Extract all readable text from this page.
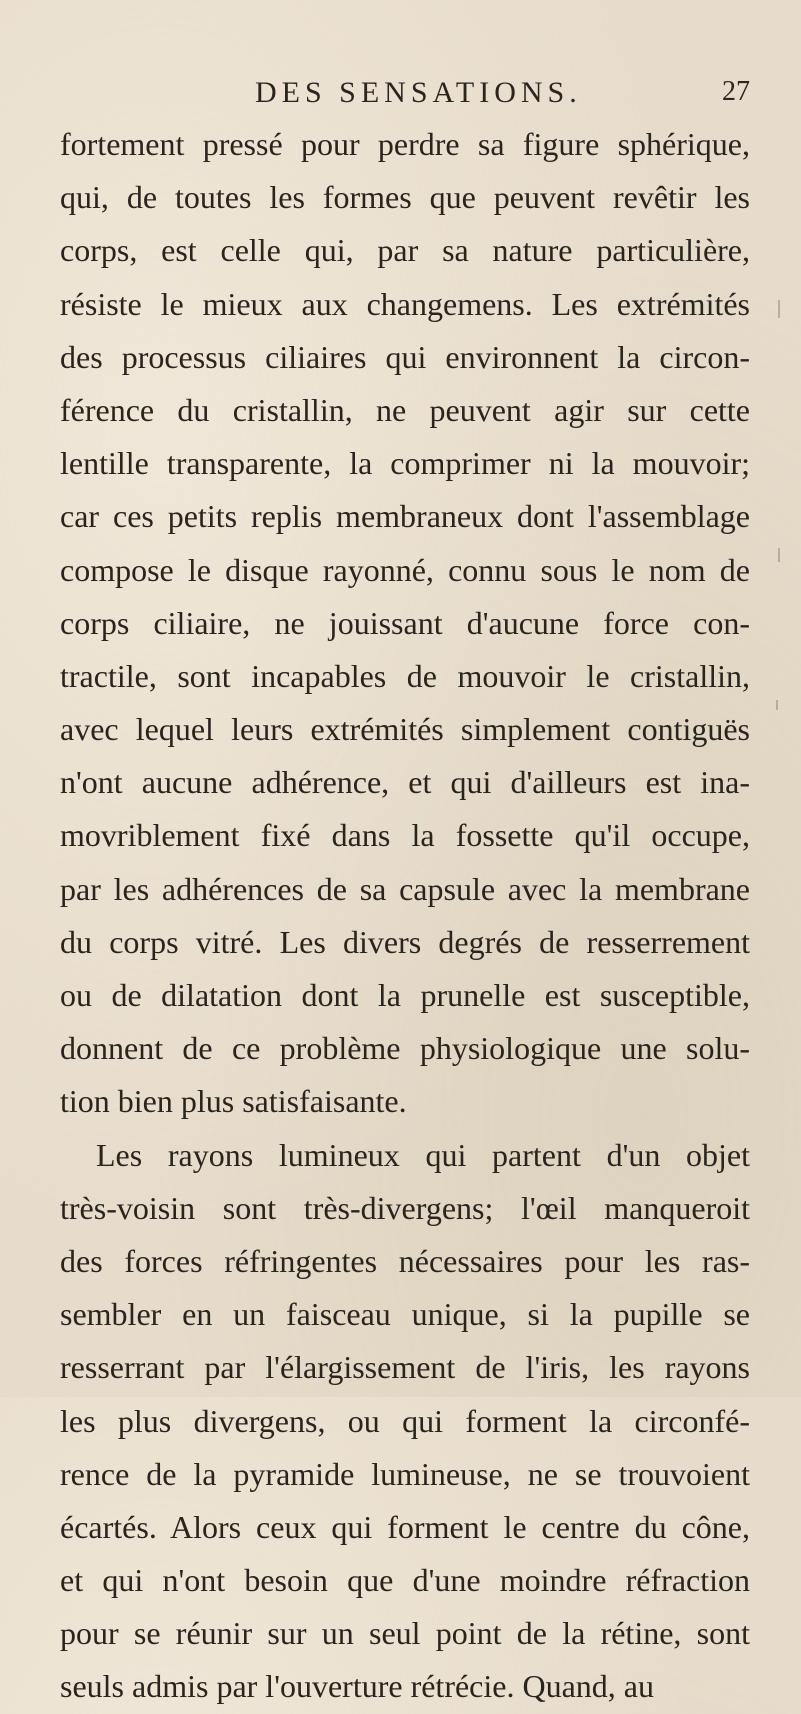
DES SENSATIONS.	27
fortement pressé pour perdre sa figure sphérique,
qui, de toutes les formes que peuvent revêtir les
corps, est celle qui, par sa nature particulière,
résiste le mieux aux changemens. Les extrémités
des processus ciliaires qui environnent la circon-
férence du cristallin, ne peuvent agir sur cette
lentille transparente, la comprimer ni la mouvoir;
car ces petits replis membraneux dont l'assemblage
compose le disque rayonné, connu sous le nom de
corps ciliaire, ne jouissant d'aucune force con-
tractile, sont incapables de mouvoir le cristallin,
avec lequel leurs extrémités simplement contiguës
n'ont aucune adhérence, et qui d'ailleurs est ina-
movriblement fixé dans la fossette qu'il occupe,
par les adhérences de sa capsule avec la membrane
du corps vitré. Les divers degrés de resserrement
ou de dilatation dont la prunelle est susceptible,
donnent de ce problème physiologique une solu-
tion bien plus satisfaisante.
Les rayons lumineux qui partent d'un objet
très-voisin sont très-divergens; l'œil manqueroit
des forces réfringentes nécessaires pour les ras-
sembler en un faisceau unique, si la pupille se
resserrant par l'élargissement de l'iris, les rayons
les plus divergens, ou qui forment la circonfé-
rence de la pyramide lumineuse, ne se trouvoient
écartés. Alors ceux qui forment le centre du cône,
et qui n'ont besoin que d'une moindre réfraction
pour se réunir sur un seul point de la rétine, sont
seuls admis par l'ouverture rétrécie. Quand, au
